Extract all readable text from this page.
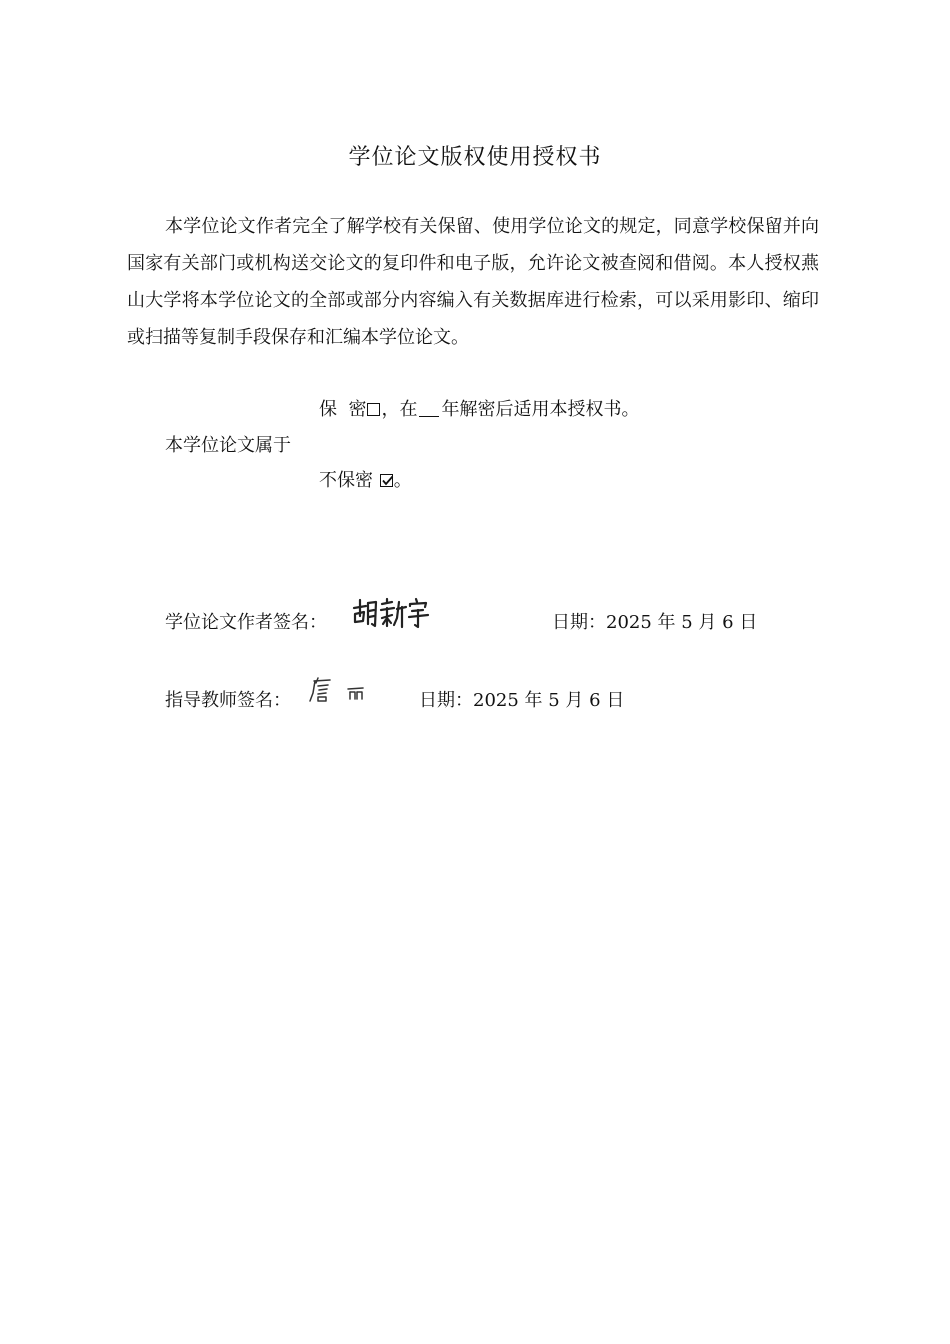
学位论文版权使用授权书
本学位论文作者完全了解学校有关保留、使用学位论文的规定，同意学校保留并向国家有关部门或机构送交论文的复印件和电子版，允许论文被查阅和借阅。本人授权燕山大学将本学位论文的全部或部分内容编入有关数据库进行检索，可以采用影印、缩印或扫描等复制手段保存和汇编本学位论文。
保  密 ，在 年解密后适用本授权书。
本学位论文属于
不保密 。
学位论文作者签名：	日期：2025 年 5 月 6 日
指导教师签名：	日期：2025 年 5 月 6 日
